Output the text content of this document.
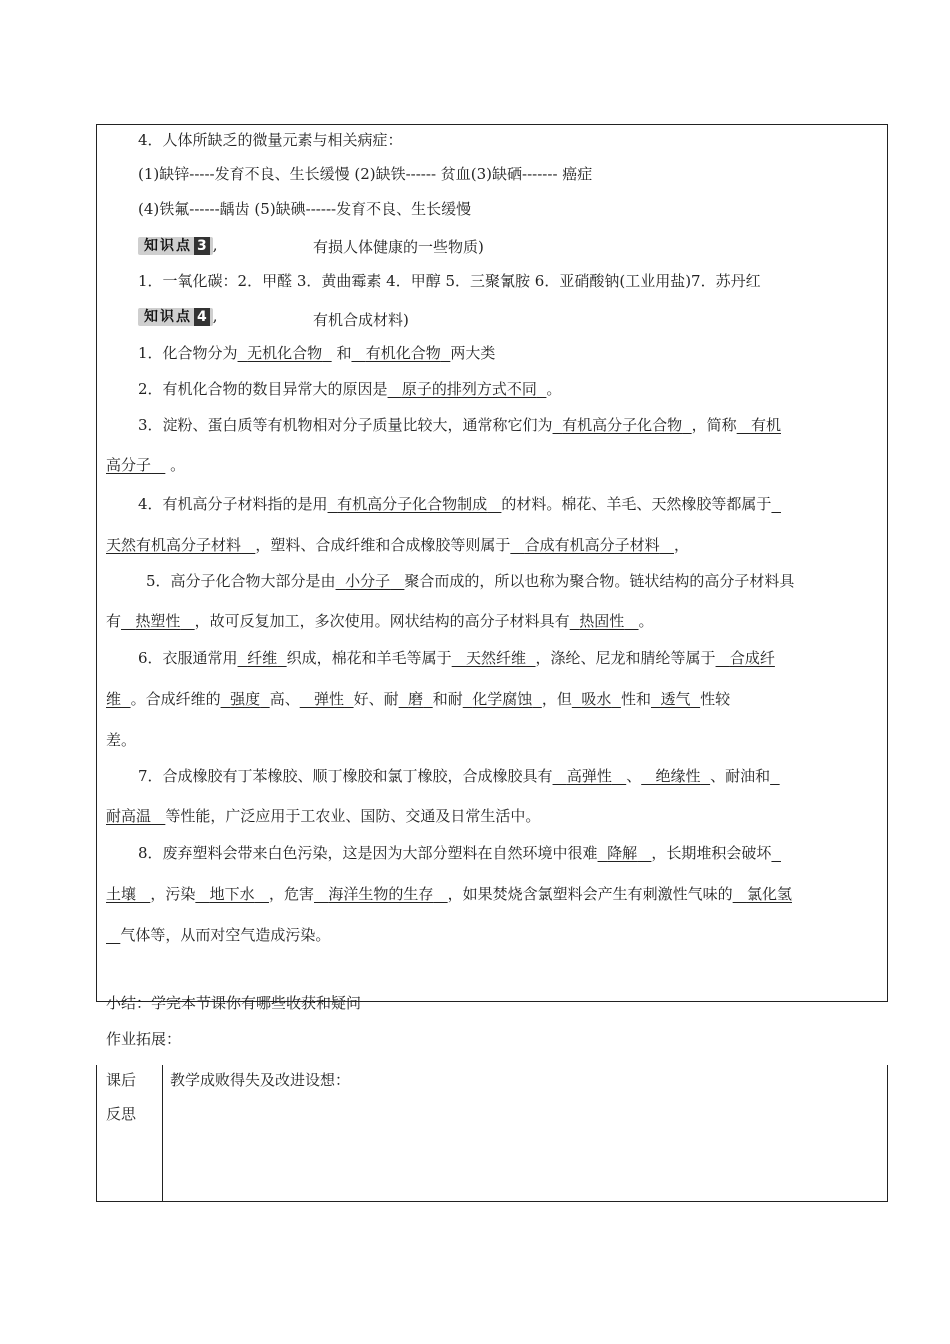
4．人体所缺乏的微量元素与相关病症：
(1)缺锌-----发育不良、生长缓慢 (2)缺铁------ 贫血(3)缺硒------- 癌症
(4)铁氟------龋齿 (5)缺碘------发育不良、生长缓慢
知识点 3 ,	有损人体健康的一些物质)
1．一氧化碳：2．甲醛 3．黄曲霉素 4．甲醇 5．三聚氰胺 6．亚硝酸钠(工业用盐)7．苏丹红
知识点 4 ,	有机合成材料)
1．化合物分为 无机化合物 和 有机化合物 两大类
2．有机化合物的数目异常大的原因是 原子的排列方式不同 。
3．淀粉、蛋白质等有机物相对分子质量比较大，通常称它们为 有机高分子化合物 ，简称 有机
高分子 。
4．有机高分子材料指的是用 有机高分子化合物制成 的材料。棉花、羊毛、天然橡胶等都属于
天然有机高分子材料 ，塑料、合成纤维和合成橡胶等则属于 合成有机高分子材料 ，
5．高分子化合物大部分是由 小分子 聚合而成的，所以也称为聚合物。链状结构的高分子材料具
有 热塑性 ，故可反复加工，多次使用。网状结构的高分子材料具有 热固性 。
6．衣服通常用 纤维 织成，棉花和羊毛等属于 天然纤维 ，涤纶、尼龙和腈纶等属于 合成纤
维 。合成纤维的 强度 高、 弹性 好、耐 磨 和耐 化学腐蚀 ，但 吸水 性和 透气 性较
差。
7．合成橡胶有丁苯橡胶、顺丁橡胶和氯丁橡胶，合成橡胶具有 高弹性 、 绝缘性 、耐油和
耐高温 等性能，广泛应用于工农业、国防、交通及日常生活中。
8．废弃塑料会带来白色污染，这是因为大部分塑料在自然环境中很难 降解 ，长期堆积会破坏
土壤 ，污染 地下水 ，危害 海洋生物的生存 ，如果焚烧含氯塑料会产生有刺激性气味的 氯化氢
气体等，从而对空气造成污染。
小结：学完本节课你有哪些收获和疑问
作业拓展：
课后
反思
教学成败得失及改进设想：
